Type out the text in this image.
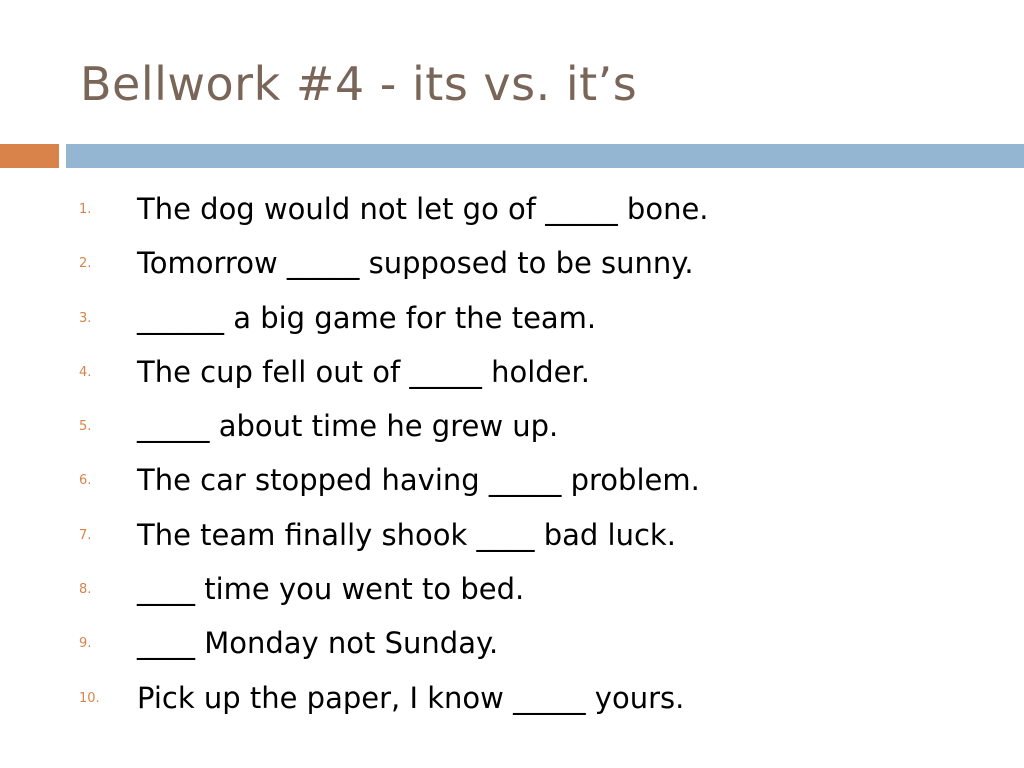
Bellwork #4 - its vs. it’s
1.	The dog would not let go of _____ bone.
2.	Tomorrow _____ supposed to be sunny.
3.	______ a big game for the team.
4.	The cup fell out of _____ holder.
5.	_____ about time he grew up.
6.	The car stopped having _____ problem.
7.	The team finally shook ____ bad luck.
8.	____ time you went to bed.
9.	____ Monday not Sunday.
10.	Pick up the paper, I know _____ yours.
